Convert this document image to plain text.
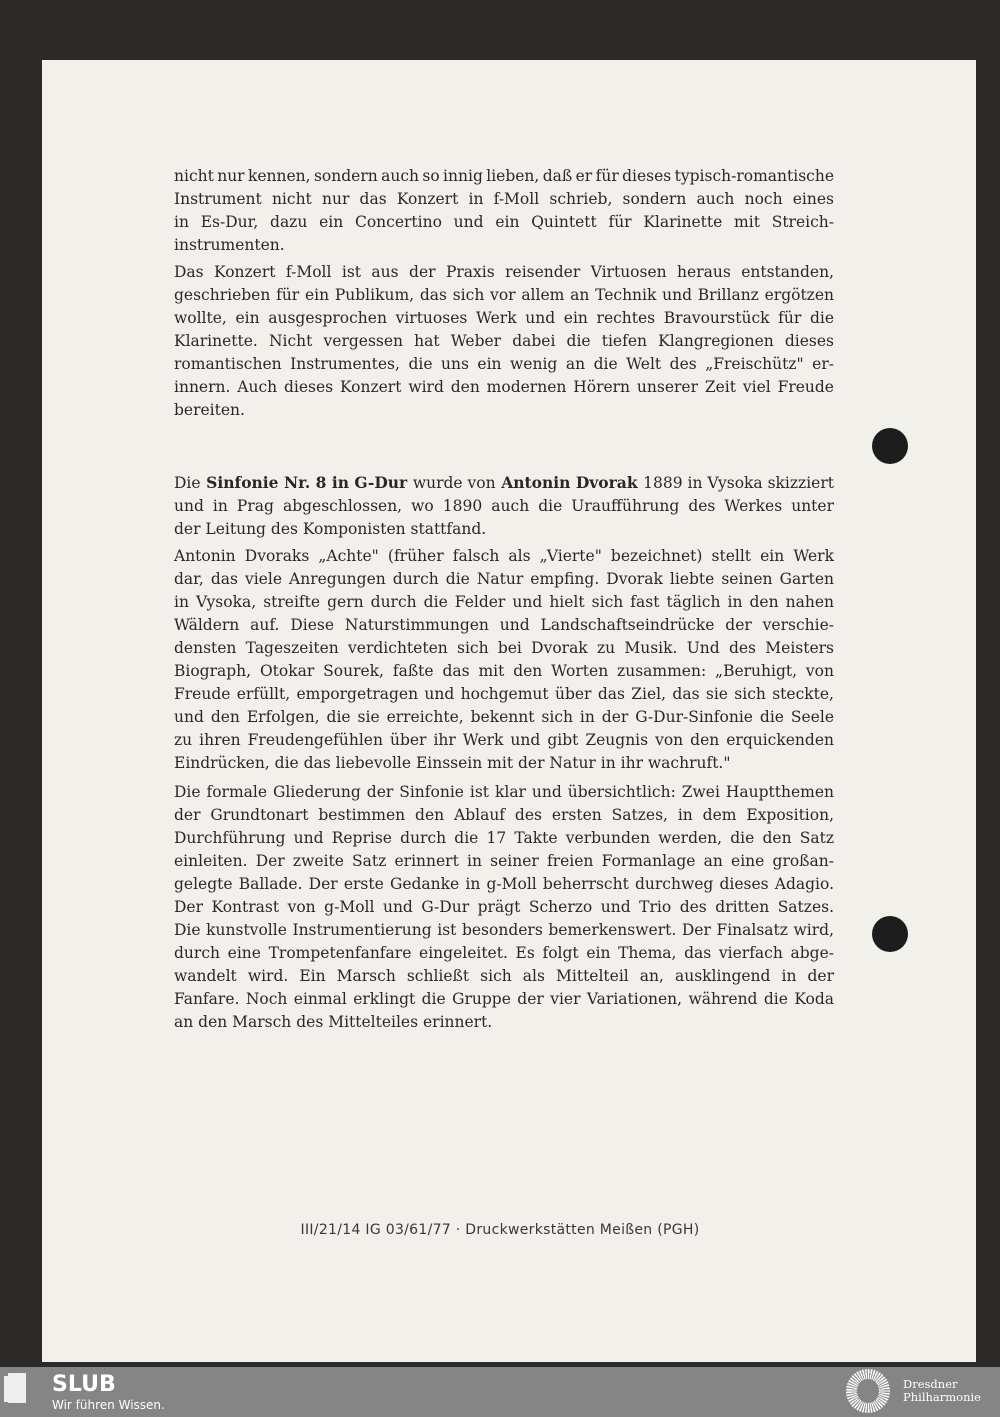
nicht nur kennen, sondern auch so innig lieben, daß er für dieses typisch-romantische
Instrument nicht nur das Konzert in f-Moll schrieb, sondern auch noch eines
in Es-Dur, dazu ein Concertino und ein Quintett für Klarinette mit Streich-
instrumenten.
Das Konzert f-Moll ist aus der Praxis reisender Virtuosen heraus entstanden,
geschrieben für ein Publikum, das sich vor allem an Technik und Brillanz ergötzen
wollte, ein ausgesprochen virtuoses Werk und ein rechtes Bravourstück für die
Klarinette. Nicht vergessen hat Weber dabei die tiefen Klangregionen dieses
romantischen Instrumentes, die uns ein wenig an die Welt des „Freischütz" er-
innern. Auch dieses Konzert wird den modernen Hörern unserer Zeit viel Freude
bereiten.
und in Prag abgeschlossen, wo 1890 auch die Uraufführung des Werkes unter
der Leitung des Komponisten stattfand.
Antonin Dvoraks „Achte" (früher falsch als „Vierte" bezeichnet) stellt ein Werk
dar, das viele Anregungen durch die Natur empfing. Dvorak liebte seinen Garten
in Vysoka, streifte gern durch die Felder und hielt sich fast täglich in den nahen
Wäldern auf. Diese Naturstimmungen und Landschaftseindrücke der verschie-
densten Tageszeiten verdichteten sich bei Dvorak zu Musik. Und des Meisters
Biograph, Otokar Sourek, faßte das mit den Worten zusammen: „Beruhigt, von
Freude erfüllt, emporgetragen und hochgemut über das Ziel, das sie sich steckte,
und den Erfolgen, die sie erreichte, bekennt sich in der G-Dur-Sinfonie die Seele
zu ihren Freudengefühlen über ihr Werk und gibt Zeugnis von den erquickenden
Eindrücken, die das liebevolle Einssein mit der Natur in ihr wachruft."
Die formale Gliederung der Sinfonie ist klar und übersichtlich: Zwei Hauptthemen
der Grundtonart bestimmen den Ablauf des ersten Satzes, in dem Exposition,
Durchführung und Reprise durch die 17 Takte verbunden werden, die den Satz
einleiten. Der zweite Satz erinnert in seiner freien Formanlage an eine großan-
gelegte Ballade. Der erste Gedanke in g-Moll beherrscht durchweg dieses Adagio.
Der Kontrast von g-Moll und G-Dur prägt Scherzo und Trio des dritten Satzes.
Die kunstvolle Instrumentierung ist besonders bemerkenswert. Der Finalsatz wird,
durch eine Trompetenfanfare eingeleitet. Es folgt ein Thema, das vierfach abge-
wandelt wird. Ein Marsch schließt sich als Mittelteil an, ausklingend in der
Fanfare. Noch einmal erklingt die Gruppe der vier Variationen, während die Koda
an den Marsch des Mittelteiles erinnert.
Die Sinfonie Nr. 8 in G-Dur wurde von Antonin Dvorak 1889 in Vysoka skizziert
III/21/14 IG 03/61/77 · Druckwerkstätten Meißen (PGH)
SLUB
Wir führen Wissen.
Dresdner
Philharmonie
